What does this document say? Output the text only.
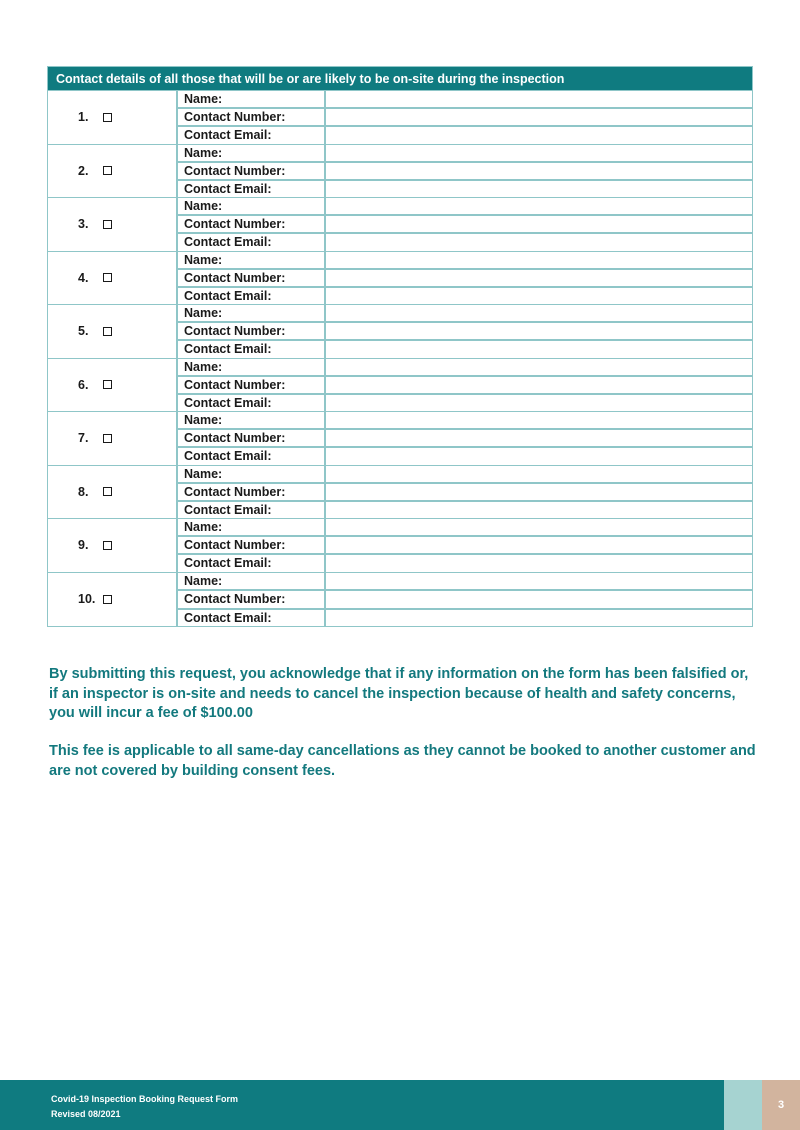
Contact details of all those that will be or are likely to be on-site during the inspection
1.
Name:
Contact Number:
Contact Email:
2.
Name:
Contact Number:
Contact Email:
3.
Name:
Contact Number:
Contact Email:
4.
Name:
Contact Number:
Contact Email:
5.
Name:
Contact Number:
Contact Email:
6.
Name:
Contact Number:
Contact Email:
7.
Name:
Contact Number:
Contact Email:
8.
Name:
Contact Number:
Contact Email:
9.
Name:
Contact Number:
Contact Email:
10.
Name:
Contact Number:
Contact Email:

By submitting this request, you acknowledge that if any information on the form has been falsified or, if an inspector is on-site and needs to cancel the inspection because of health and safety concerns, you will incur a fee of $100.00

This fee is applicable to all same-day cancellations as they cannot be booked to another customer and are not covered by building consent fees.

Covid-19 Inspection Booking Request Form
Revised 08/2021
3
